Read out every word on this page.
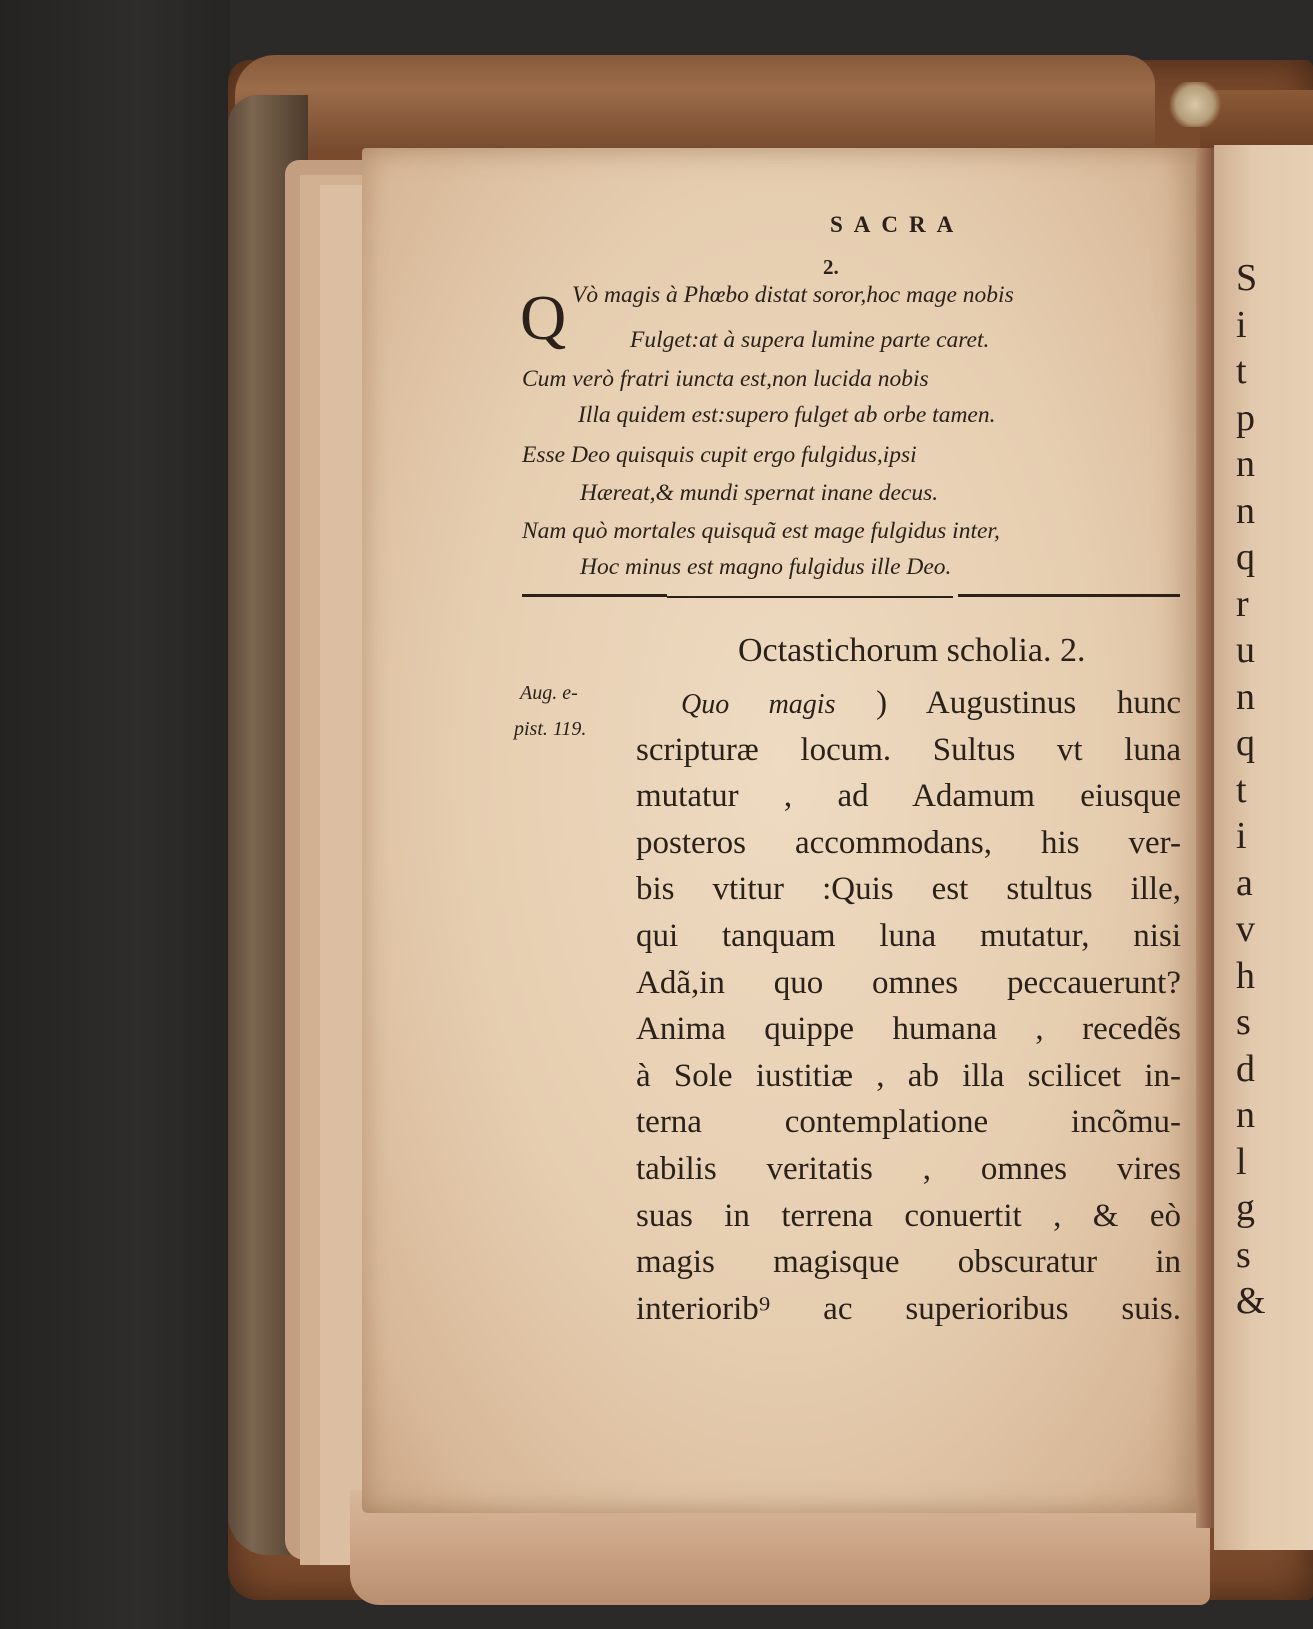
S
i
t
p
n
n
q
r
u
n
q
t
i
a
v
h
s
d
n
l
g
s
&
SACRA
2.
Q Vò magis à Phœbo distat soror,hoc mage nobis
Fulget:at à supera lumine parte caret.
Cum verò fratri iuncta est,non lucida nobis
Illa quidem est:supero fulget ab orbe tamen.
Esse Deo quisquis cupit ergo fulgidus,ipsi
Hæreat,& mundi spernat inane decus.
Nam quò mortales quisquã est mage fulgidus inter,
Hoc minus est magno fulgidus ille Deo.
Octastichorum scholia. 2.
Aug. e-
pist. 119.
Quo magis ) Augustinus hunc
scripturæ locum. Sultus vt luna
mutatur , ad Adamum eiusque
posteros accommodans, his ver-
bis vtitur :Quis est stultus ille,
qui tanquam luna mutatur, nisi
Adã,in quo omnes peccauerunt?
Anima quippe humana , recedẽs
à Sole iustitiæ , ab illa scilicet in-
terna contemplatione incõmu-
tabilis veritatis , omnes vires
suas in terrena conuertit , & eò
magis magisque obscuratur in
interiorib⁹ ac superioribus suis.
